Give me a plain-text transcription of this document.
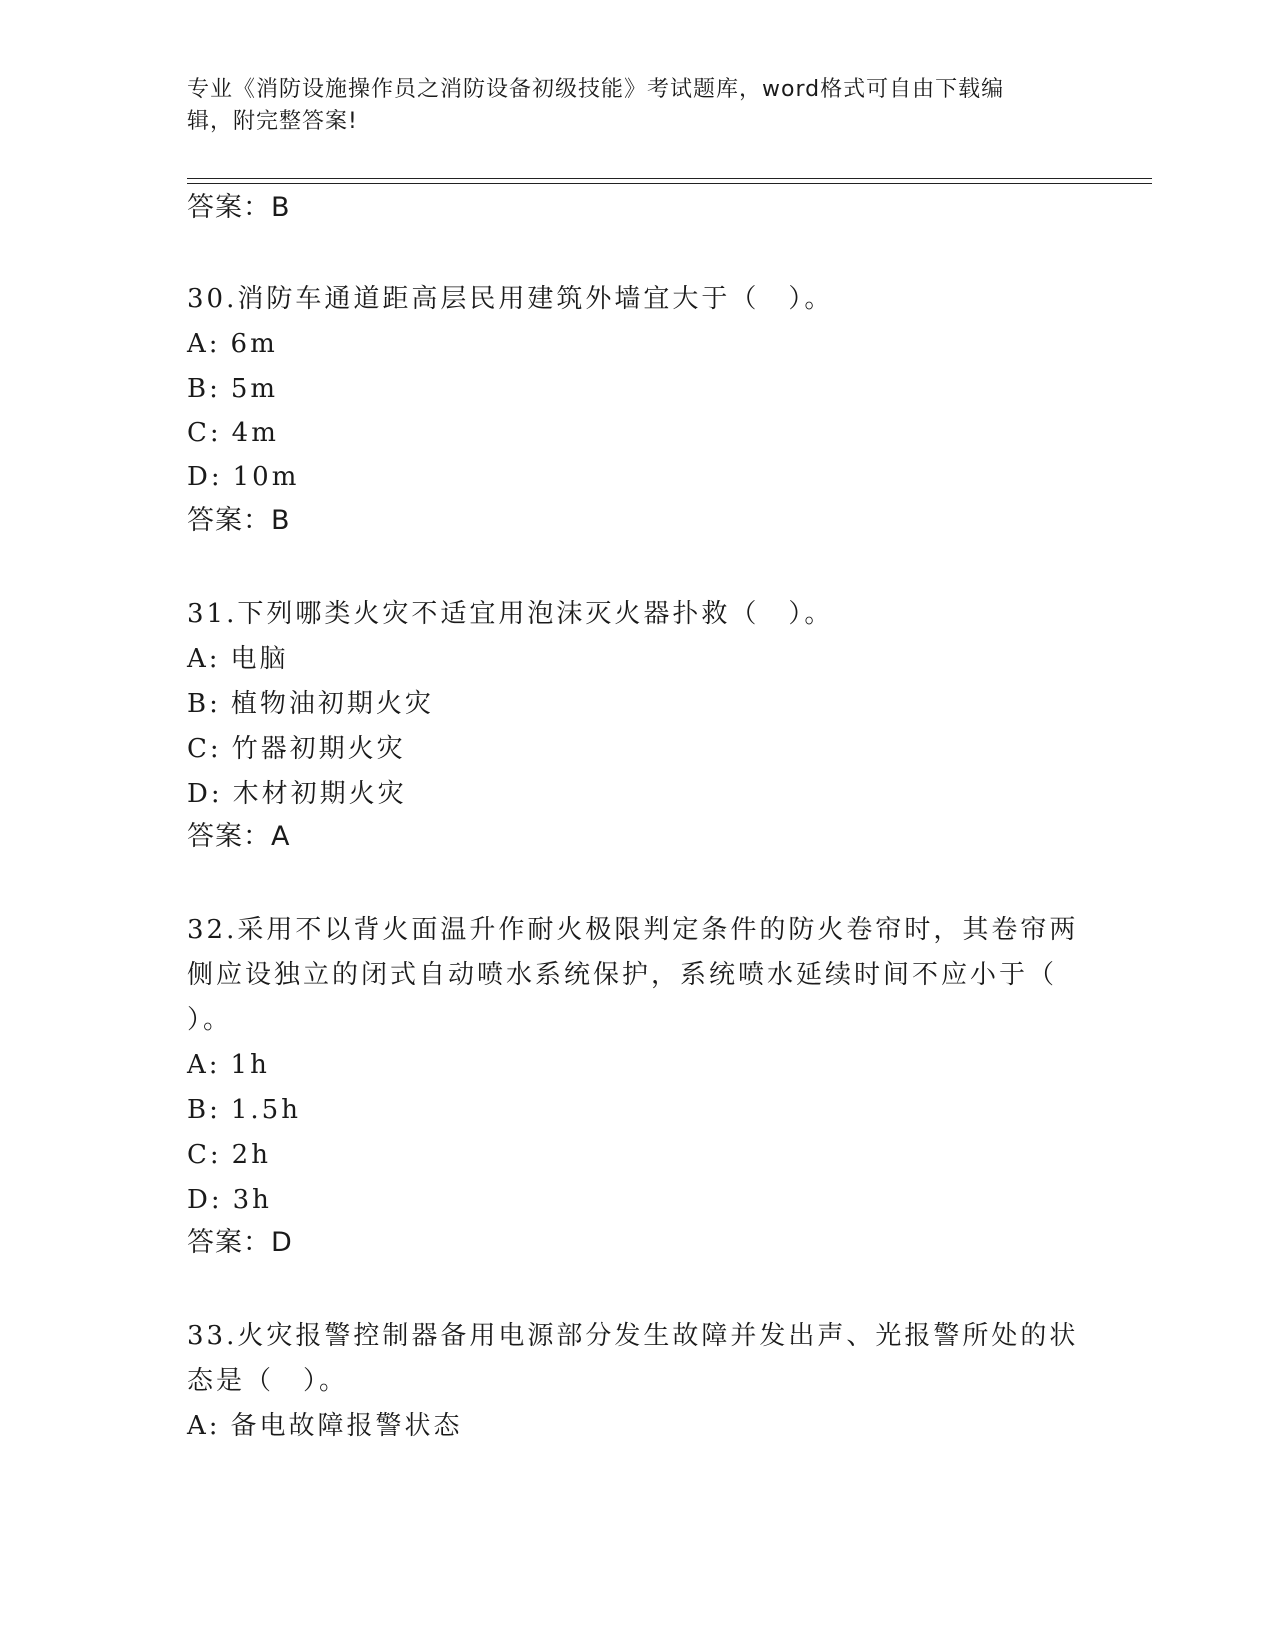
专业《消防设施操作员之消防设备初级技能》考试题库，word格式可自由下载编
辑，附完整答案!
答案：B
30.消防车通道距高层民用建筑外墙宜大于（　）。
A: 6m
B: 5m
C: 4m
D: 10m
答案：B
31.下列哪类火灾不适宜用泡沫灭火器扑救（　）。
A: 电脑
B: 植物油初期火灾
C: 竹器初期火灾
D: 木材初期火灾
答案：A
32.采用不以背火面温升作耐火极限判定条件的防火卷帘时，其卷帘两
侧应设独立的闭式自动喷水系统保护，系统喷水延续时间不应小于（
）。
A: 1h
B: 1.5h
C: 2h
D: 3h
答案：D
33.火灾报警控制器备用电源部分发生故障并发出声、光报警所处的状
态是（　）。
A: 备电故障报警状态
